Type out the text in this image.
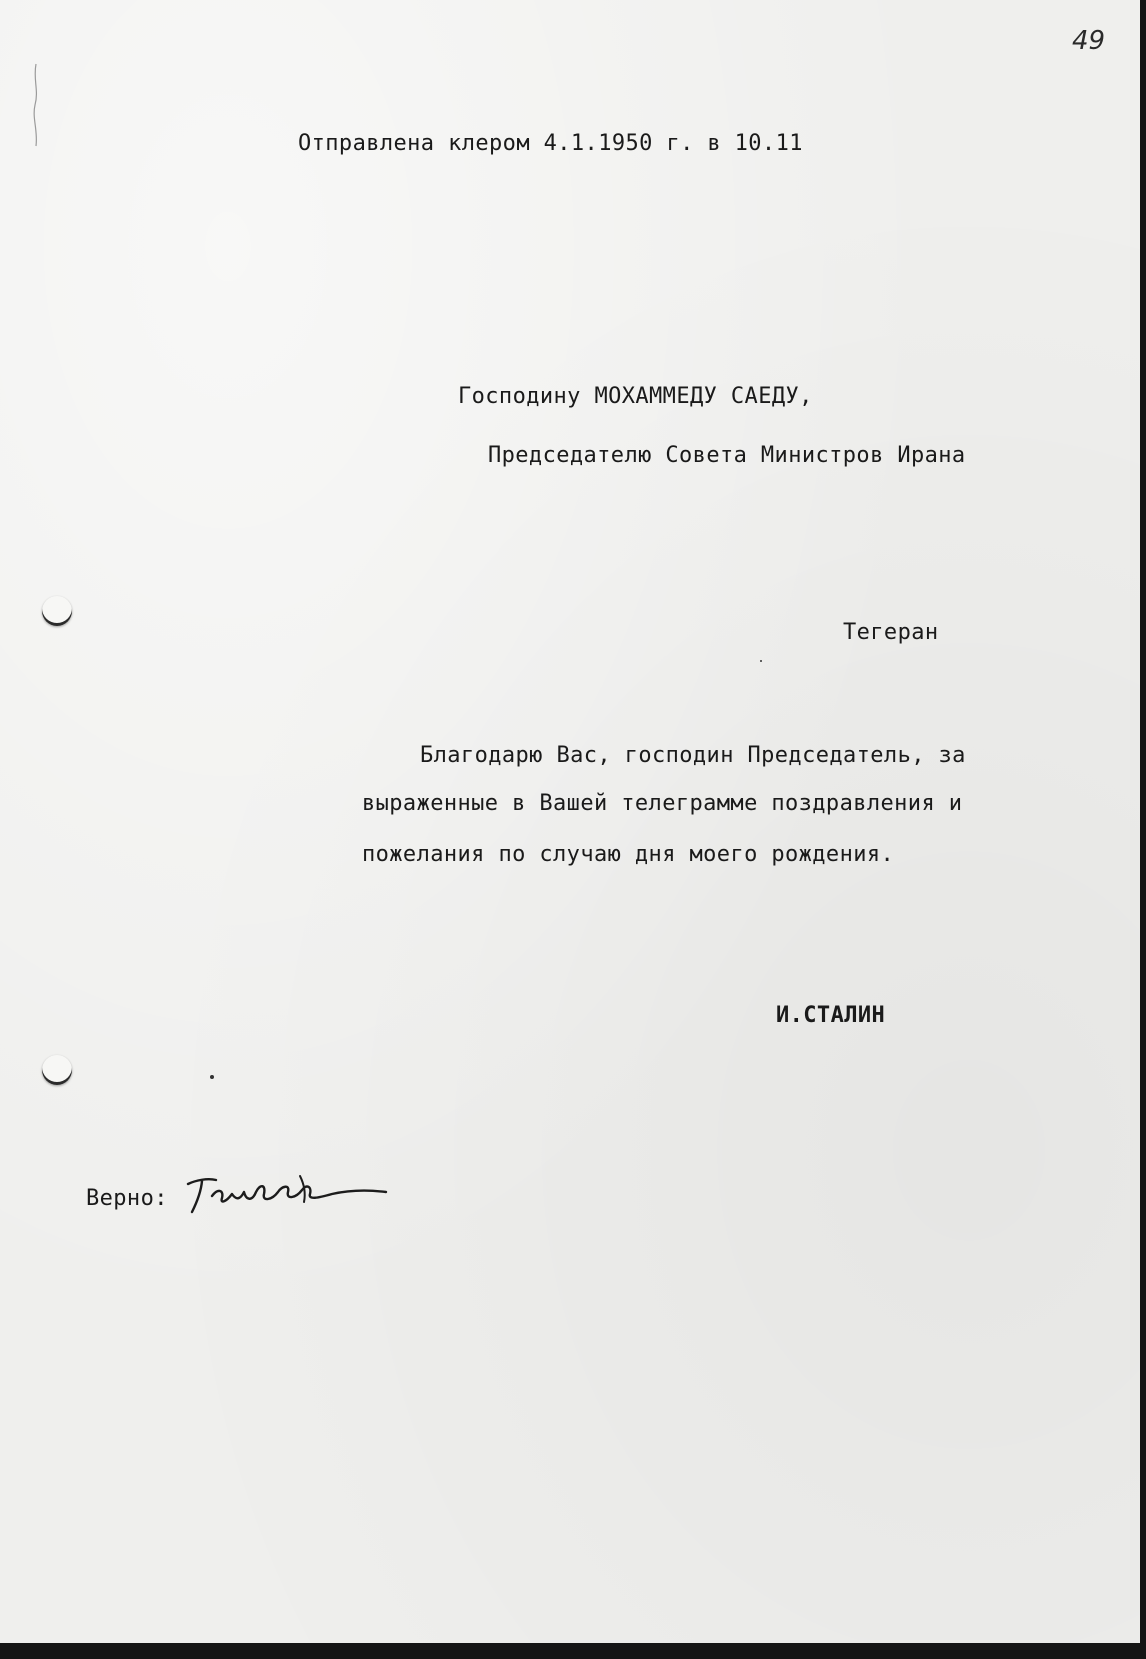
49
Отправлена клером 4.1.1950 г. в 10.11
Господину МОХАММЕДУ САЕДУ,
Председателю Совета Министров Ирана
Тегеран
Благодарю Вас, господин Председатель, за
выраженные в Вашей телеграмме поздравления и
пожелания по случаю дня моего рождения.
И.СТАЛИН
Верно:
